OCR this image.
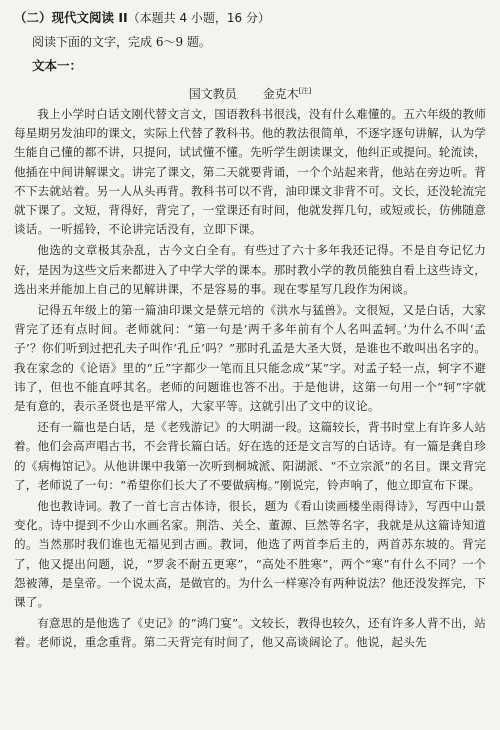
（二）现代文阅读 II（本题共 4 小题，16 分）

阅读下面的文字，完成 6～9 题。

文本一：

国文教员 金克木[注]

我上小学时白话文刚代替文言文，国语教科书很浅，没有什么难懂的。五六年级的教师每星期另发油印的课文，实际上代替了教科书。他的教法很简单，不逐字逐句讲解，认为学生能自己懂的都不讲，只提问，试试懂不懂。先听学生朗读课文，他纠正或提问。轮流读，他插在中间讲解课文。讲完了课文，第二天就要背诵，一个个站起来背，他站在旁边听。背不下去就站着。另一人从头再背。教科书可以不背，油印课文非背不可。文长，还没轮流完就下课了。文短，背得好，背完了，一堂课还有时间，他就发挥几句，或短或长，仿佛随意谈话。一听摇铃，不论讲完话没有，立即下课。

他选的文章极其杂乱，古今文白全有。有些过了六十多年我还记得。不是自夸记忆力好，是因为这些文后来都进入了中学大学的课本。那时教小学的教员能独自看上这些诗文，选出来并能加上自己的见解讲课，不是容易的事。现在零星写几段作为闲谈。

记得五年级上的第一篇油印课文是蔡元培的《洪水与猛兽》。文很短，又是白话，大家背完了还有点时间。老师就问：“第一句是‘两千多年前有个人名叫孟轲。’为什么不叫‘孟子’？你们听到过把孔夫子叫作‘孔丘’吗？”那时孔孟是大圣大贤，是谁也不敢叫出名字的。我在家念的《论语》里的“丘”字都少一笔而且只能念成“某”字。对孟子轻一点，轲字不避讳了，但也不能直呼其名。老师的问题谁也答不出。于是他讲，这第一句用一个“轲”字就是有意的，表示圣贤也是平常人，大家平等。这就引出了文中的议论。

还有一篇也是白话，是《老残游记》的大明湖一段。这篇较长，背书时堂上有许多人站着。他们会高声唱古书，不会背长篇白话。好在选的还是文言写的白话诗。有一篇是龚自珍的《病梅馆记》。从他讲课中我第一次听到桐城派、阳湖派、“不立宗派”的名目。课文背完了，老师说了一句：“希望你们长大了不要做病梅。”刚说完，铃声响了，他立即宣布下课。

他也教诗词。教了一首七言古体诗，很长，题为《看山读画楼坐雨得诗》，写西中山景变化。诗中提到不少山水画名家。荆浩、关仝、董源、巨然等名字，我就是从这篇诗知道的。当然那时我们谁也无福见到古画。教词，他选了两首李后主的，两首苏东坡的。背完了，他又提出问题，说，“罗衾不耐五更寒”，“高处不胜寒”，两个“寒”有什么不同？一个怨被薄，是皇帝。一个说太高，是做官的。为什么一样寒冷有两种说法？他还没发挥完，下课了。

有意思的是他选了《史记》的“鸿门宴”。文较长，教得也较久，还有许多人背不出，站着。老师说，重念重背。第二天背完有时间了，他又高谈阔论了。他说，起头先
